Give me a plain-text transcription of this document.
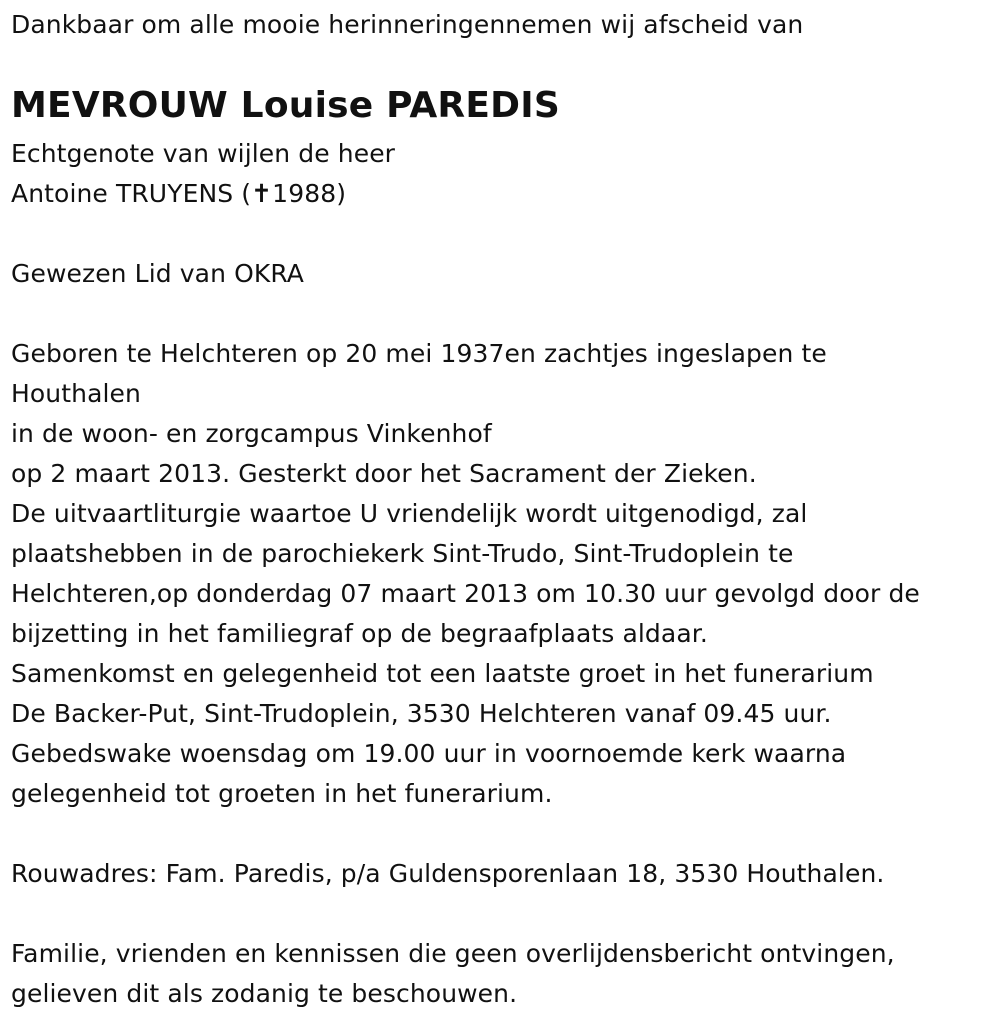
Dankbaar om alle mooie herinneringennemen wij afscheid van
MEVROUW Louise PAREDIS
Echtgenote van wijlen de heer
Antoine TRUYENS (✝1988)
Gewezen Lid van OKRA
Geboren te Helchteren op 20 mei 1937en zachtjes ingeslapen te
Houthalen
in de woon- en zorgcampus Vinkenhof
op 2 maart 2013. Gesterkt door het Sacrament der Zieken.
De uitvaartliturgie waartoe U vriendelijk wordt uitgenodigd, zal
plaatshebben in de parochiekerk Sint-Trudo, Sint-Trudoplein te
Helchteren,op donderdag 07 maart 2013 om 10.30 uur gevolgd door de
bijzetting in het familiegraf op de begraafplaats aldaar.
Samenkomst en gelegenheid tot een laatste groet in het funerarium
De Backer-Put, Sint-Trudoplein, 3530 Helchteren vanaf 09.45 uur.
Gebedswake woensdag om 19.00 uur in voornoemde kerk waarna
gelegenheid tot groeten in het funerarium.
Rouwadres: Fam. Paredis, p/a Guldensporenlaan 18, 3530 Houthalen.
Familie, vrienden en kennissen die geen overlijdensbericht ontvingen,
gelieven dit als zodanig te beschouwen.
